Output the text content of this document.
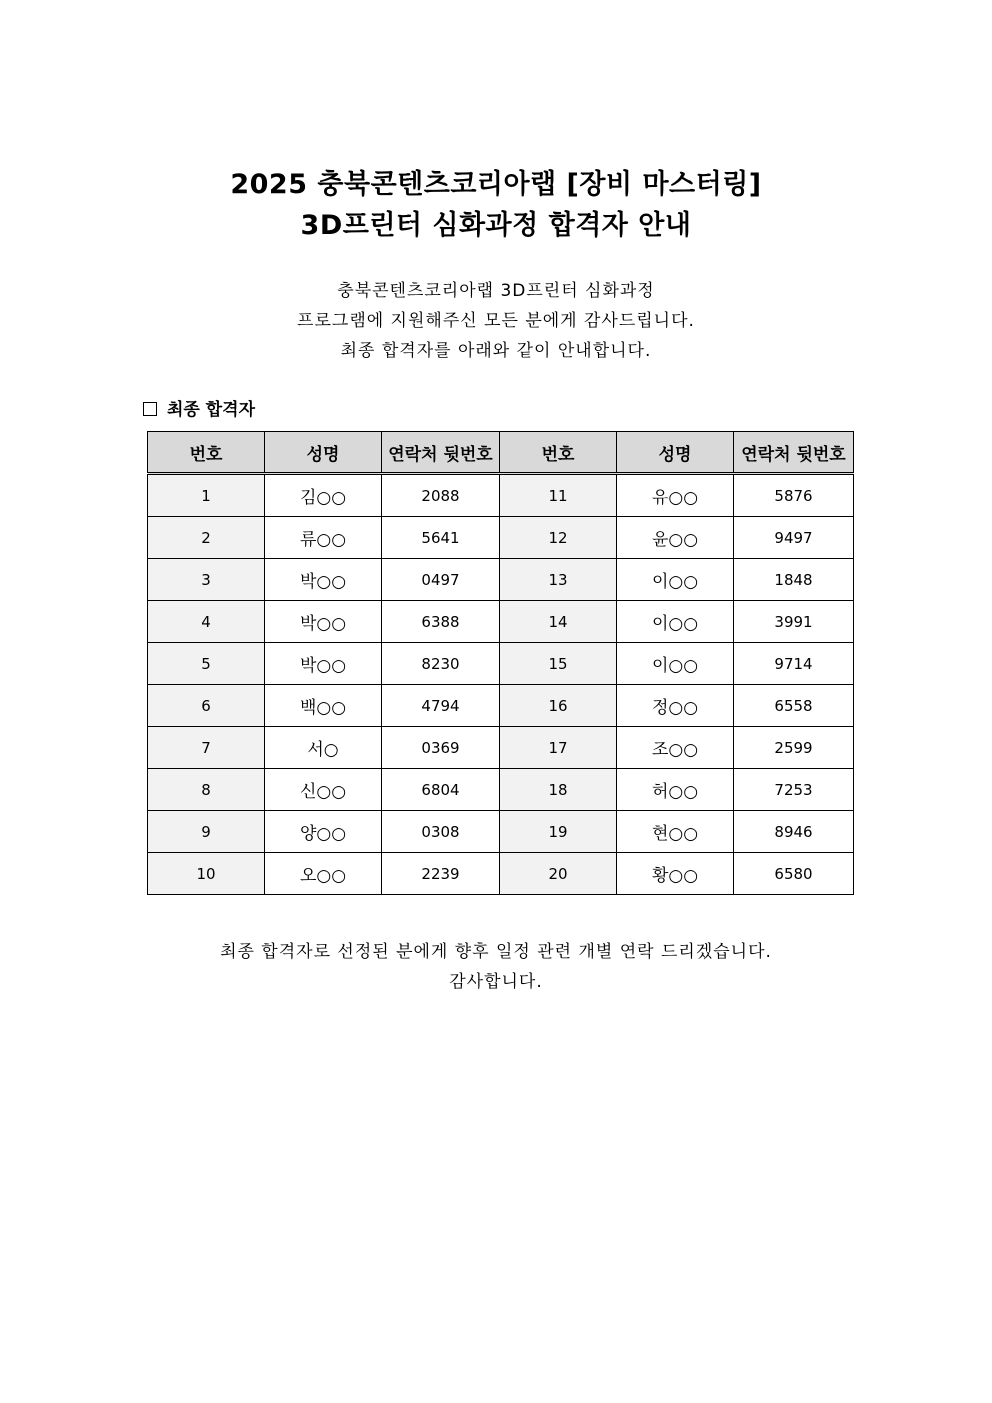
2025 충북콘텐츠코리아랩 [장비 마스터링]
3D프린터 심화과정 합격자 안내
충북콘텐츠코리아랩 3D프린터 심화과정
프로그램에 지원해주신 모든 분에게 감사드립니다.
최종 합격자를 아래와 같이 안내합니다.
최종 합격자
번호	성명	연락처 뒷번호	번호	성명	연락처 뒷번호
1	김○○	2088	11	유○○	5876
2	류○○	5641	12	윤○○	9497
3	박○○	0497	13	이○○	1848
4	박○○	6388	14	이○○	3991
5	박○○	8230	15	이○○	9714
6	백○○	4794	16	정○○	6558
7	서○	0369	17	조○○	2599
8	신○○	6804	18	허○○	7253
9	양○○	0308	19	현○○	8946
10	오○○	2239	20	황○○	6580
최종 합격자로 선정된 분에게 향후 일정 관련 개별 연락 드리겠습니다.
감사합니다.
